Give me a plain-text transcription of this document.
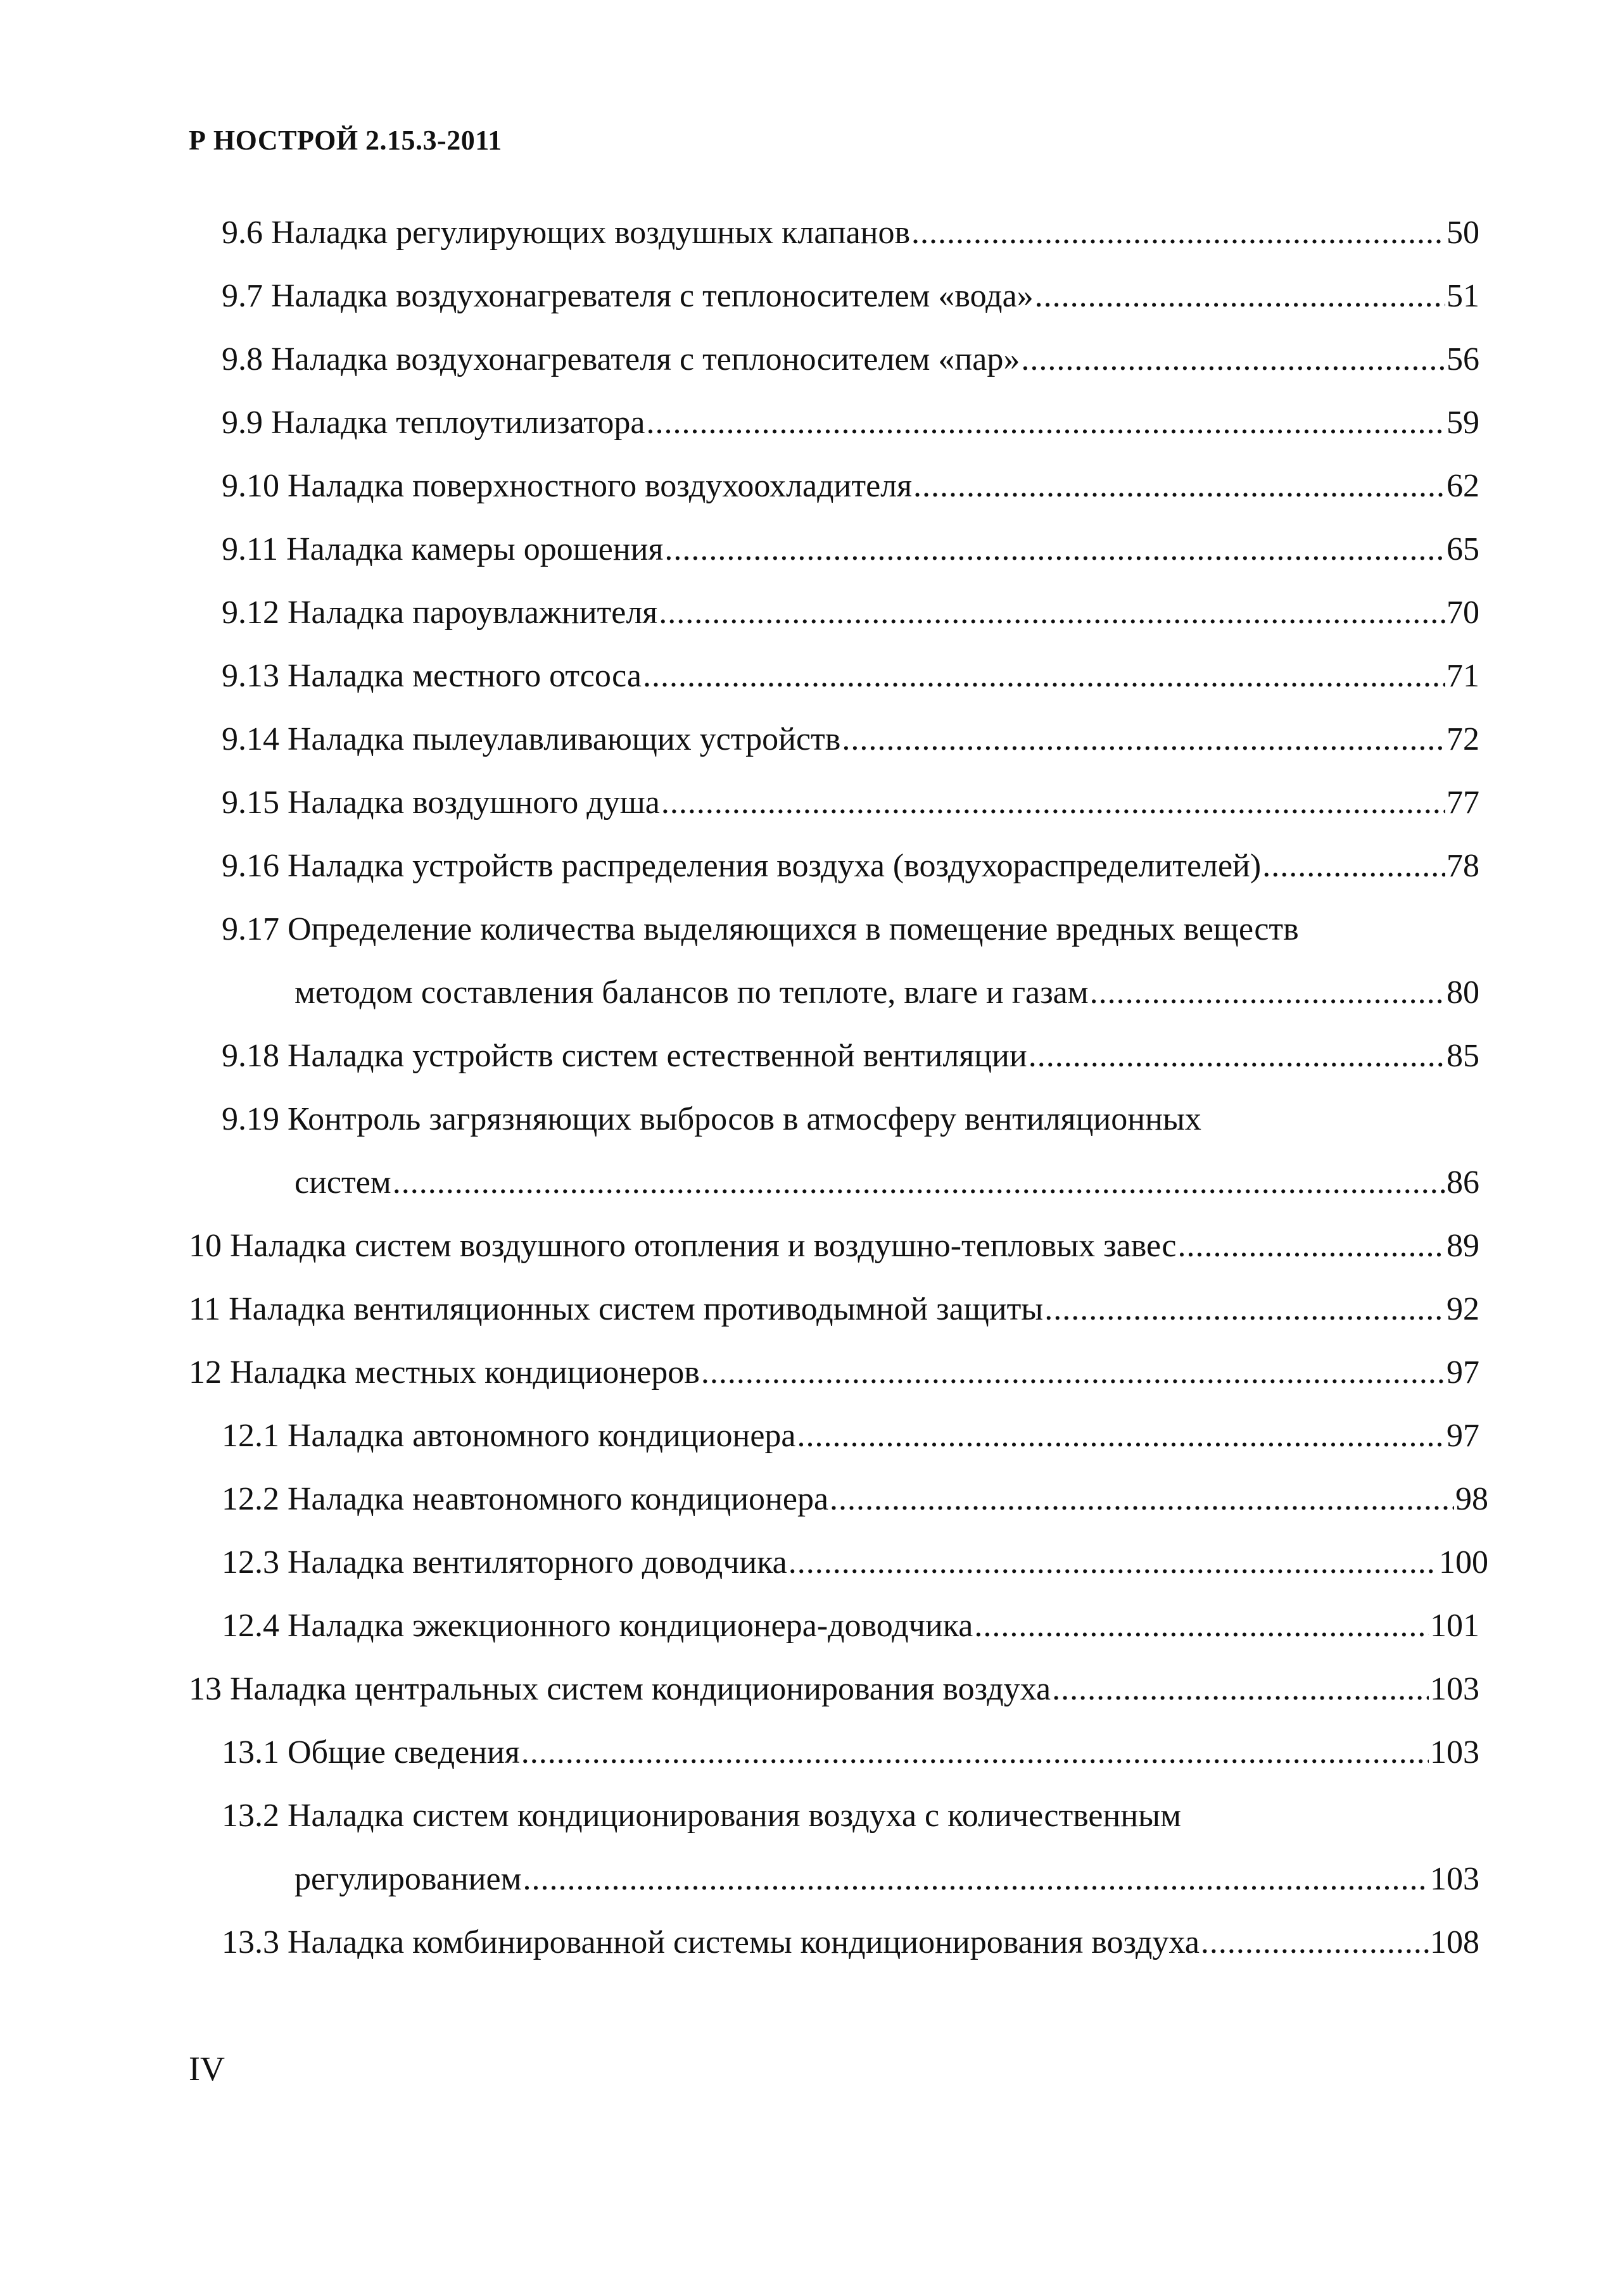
Р НОСТРОЙ 2.15.3-2011
9.6 Наладка регулирующих воздушных клапанов .....	50
9.7 Наладка воздухонагревателя с теплоносителем «вода» .....	51
9.8 Наладка воздухонагревателя с теплоносителем «пар» .....	56
9.9 Наладка теплоутилизатора .....	59
9.10 Наладка поверхностного воздухоохладителя .....	62
9.11 Наладка камеры орошения .....	65
9.12 Наладка пароувлажнителя .....	70
9.13 Наладка местного отсоса .....	71
9.14 Наладка пылеулавливающих устройств .....	72
9.15 Наладка воздушного душа .....	77
9.16 Наладка устройств распределения воздуха (воздухораспределителей) .....	78
9.17 Определение количества выделяющихся в помещение вредных веществ
методом составления балансов по теплоте, влаге и газам .....	80
9.18 Наладка устройств систем естественной вентиляции .....	85
9.19 Контроль загрязняющих выбросов в атмосферу вентиляционных
систем .....	86
10 Наладка систем воздушного отопления и воздушно-тепловых завес .....	89
11 Наладка вентиляционных систем противодымной защиты .....	92
12 Наладка местных кондиционеров .....	97
12.1 Наладка автономного кондиционера .....	97
12.2 Наладка неавтономного кондиционера .....	98
12.3 Наладка вентиляторного доводчика .....	100
12.4 Наладка эжекционного кондиционера-доводчика .....	101
13 Наладка центральных систем кондиционирования воздуха .....	103
13.1 Общие сведения .....	103
13.2 Наладка систем кондиционирования воздуха с количественным
регулированием .....	103
13.3 Наладка комбинированной системы кондиционирования воздуха .....	108
IV
